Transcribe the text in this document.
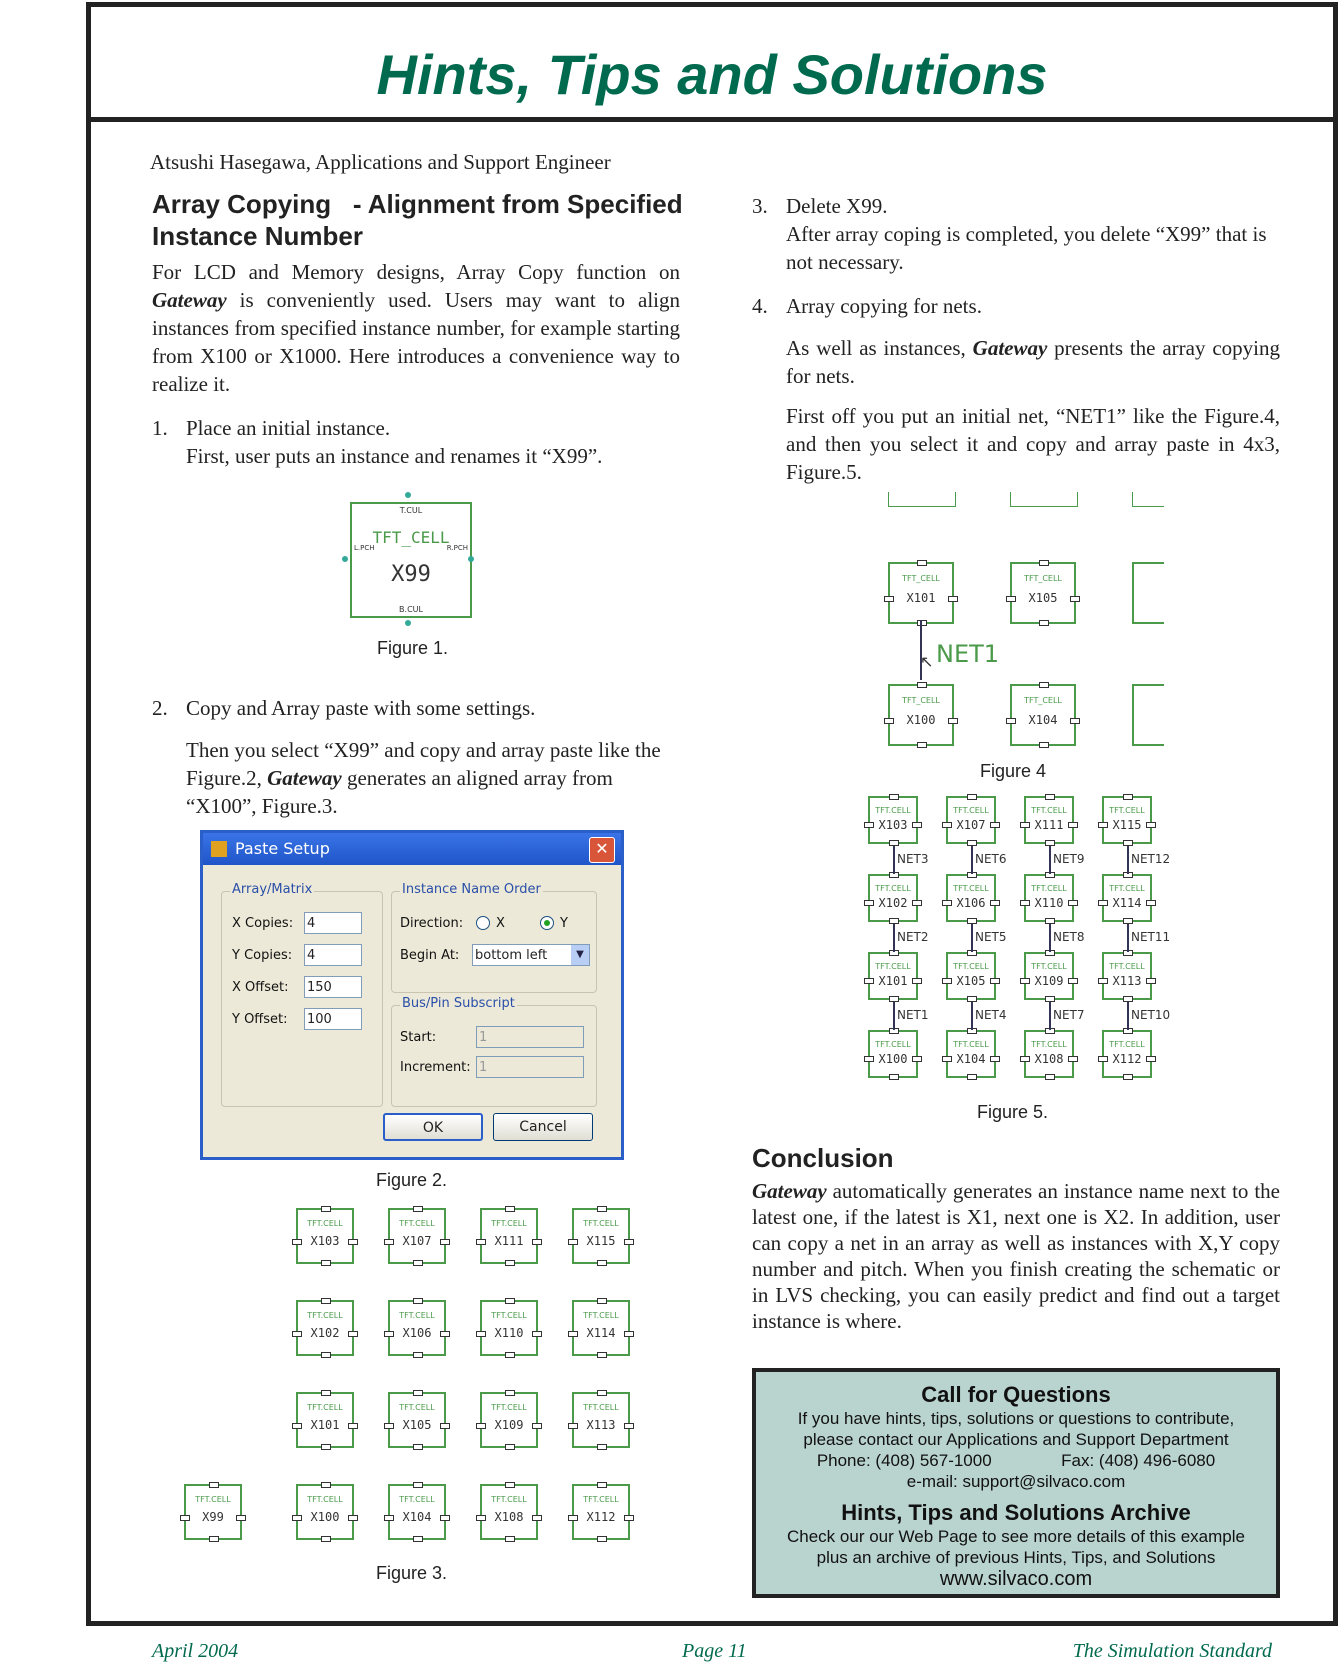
Hints, Tips and Solutions
Atsushi Hasegawa, Applications and Support Engineer
Array Copying   - Alignment from Specified
Instance Number
For LCD and Memory designs, Array Copy function on Gateway is conveniently used. Users may want to align instances from specified instance number, for example starting from X100 or X1000. Here introduces a convenience way to realize it.
1. Place an initial instance.
First, user puts an instance and renames it “X99”.
T.CUL
TFT_CELL
L.PCH	R.PCH
X99
B.CUL
Figure 1.
2. Copy and Array paste with some settings.
Then you select “X99” and copy and array paste like the Figure.2, Gateway generates an aligned array from “X100”, Figure.3.
Paste Setup	✕
Array/Matrix
X Copies: 4
Y Copies: 4
X Offset: 150
Y Offset: 100
Instance Name Order
Direction:	X	Y
Begin At: bottom left	▼
Bus/Pin Subscript
Start:	1
Increment: 1
OK	Cancel
Figure 2.
TFT.CELL
X103
TFT.CELL
X107
TFT.CELL
X111
TFT.CELL
X115
TFT.CELL
X102
TFT.CELL
X106
TFT.CELL
X110
TFT.CELL
X114
TFT.CELL
X101
TFT.CELL
X105
TFT.CELL
X109
TFT.CELL
X113
TFT.CELL
X100
TFT.CELL
X104
TFT.CELL
X108
TFT.CELL
X112
TFT.CELL
X99
Figure 3.
3. Delete X99.
After array coping is completed, you delete “X99” that is not necessary.
4. Array copying for nets.
As well as instances, Gateway presents the array copying for nets.
First off you put an initial net, “NET1” like the Figure.4, and then you select it and copy and array paste in 4x3, Figure.5.
TFT_CELL
X101
TFT_CELL
X105
TFT_CELL
X100
TFT_CELL
X104
NET1
↖
Figure 4
TFT.CELL
X103
TFT.CELL
X107
TFT.CELL
X111
TFT.CELL
X115
TFT.CELL
X102
TFT.CELL
X106
TFT.CELL
X110
TFT.CELL
X114
TFT.CELL
X101
TFT.CELL
X105
TFT.CELL
X109
TFT.CELL
X113
TFT.CELL
X100
TFT.CELL
X104
TFT.CELL
X108
TFT.CELL
X112
NET3	NET6	NET9	NET12
NET2	NET5	NET8	NET11
NET1	NET4	NET7	NET10
Figure 5.
Conclusion
Gateway automatically generates an instance name next to the latest one, if the latest is X1, next one is X2. In addition, user can copy a net in an array as well as instances with X,Y copy number and pitch. When you finish creating the schematic or in LVS checking, you can easily predict and find out a target instance is where.
Call for Questions
If you have hints, tips, solutions or questions to contribute,
please contact our Applications and Support Department
Phone: (408) 567-1000	Fax: (408) 496-6080
e-mail: support@silvaco.com
Hints, Tips and Solutions Archive
Check our our Web Page to see more details of this example
plus an archive of previous Hints, Tips, and Solutions
www.silvaco.com
April 2004	Page 11	The Simulation Standard
